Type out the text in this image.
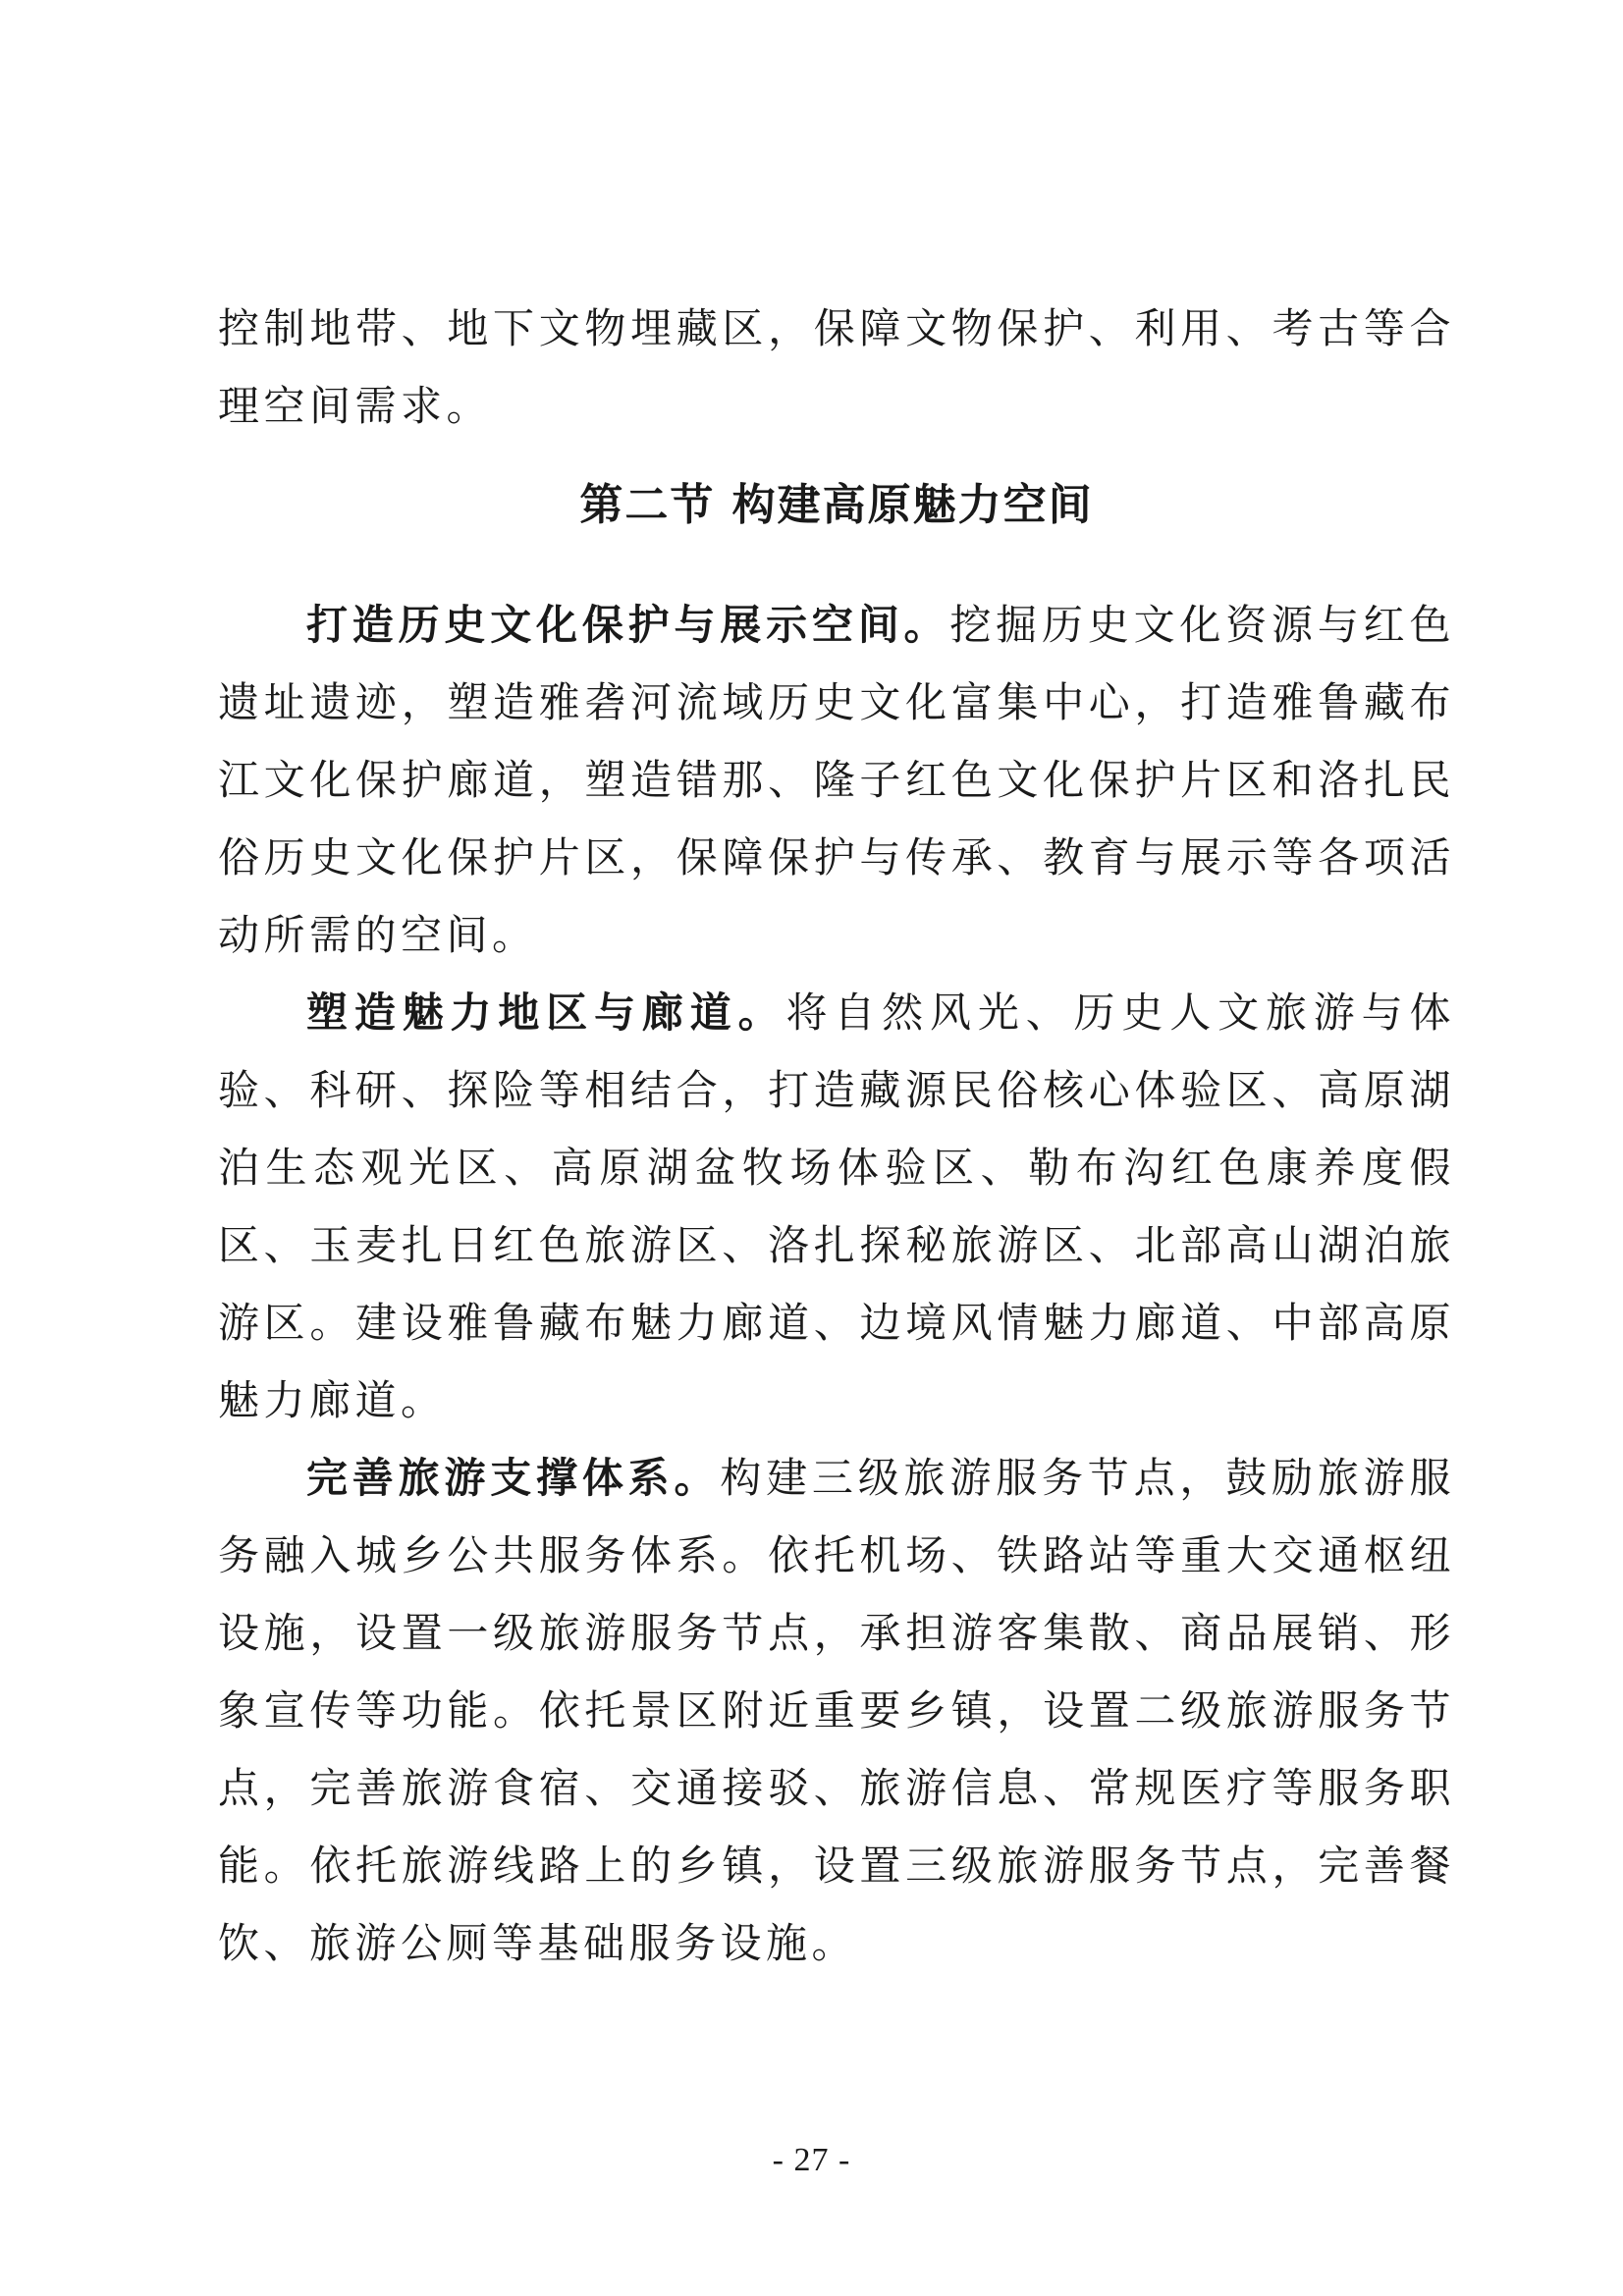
控制地带、地下文物埋藏区，保障文物保护、利用、考古等合理空间需求。

第二节 构建高原魅力空间

打造历史文化保护与展示空间。挖掘历史文化资源与红色遗址遗迹，塑造雅砻河流域历史文化富集中心，打造雅鲁藏布江文化保护廊道，塑造错那、隆子红色文化保护片区和洛扎民俗历史文化保护片区，保障保护与传承、教育与展示等各项活动所需的空间。

塑造魅力地区与廊道。将自然风光、历史人文旅游与体验、科研、探险等相结合，打造藏源民俗核心体验区、高原湖泊生态观光区、高原湖盆牧场体验区、勒布沟红色康养度假区、玉麦扎日红色旅游区、洛扎探秘旅游区、北部高山湖泊旅游区。建设雅鲁藏布魅力廊道、边境风情魅力廊道、中部高原魅力廊道。

完善旅游支撑体系。构建三级旅游服务节点，鼓励旅游服务融入城乡公共服务体系。依托机场、铁路站等重大交通枢纽设施，设置一级旅游服务节点，承担游客集散、商品展销、形象宣传等功能。依托景区附近重要乡镇，设置二级旅游服务节点，完善旅游食宿、交通接驳、旅游信息、常规医疗等服务职能。依托旅游线路上的乡镇，设置三级旅游服务节点，完善餐饮、旅游公厕等基础服务设施。

- 27 -
